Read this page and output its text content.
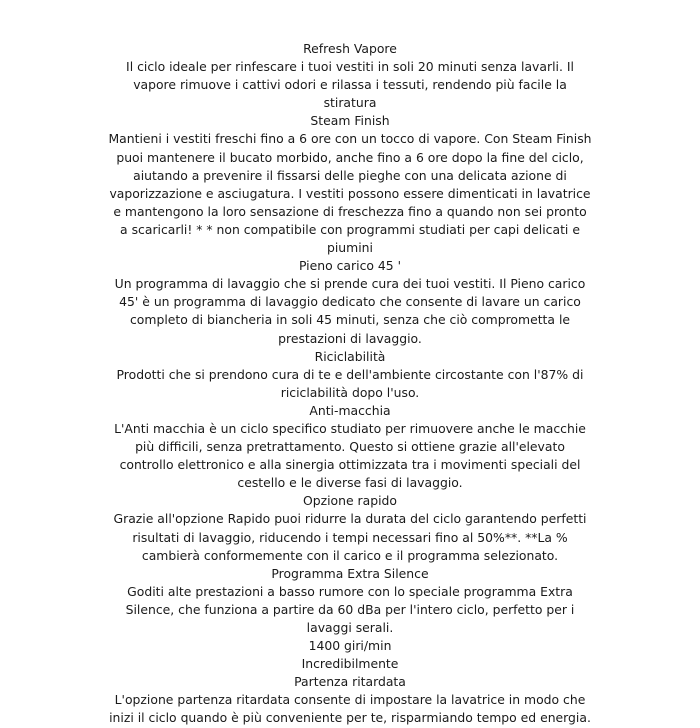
Refresh Vapore

Il ciclo ideale per rinfescare i tuoi vestiti in soli 20 minuti senza lavarli. Il vapore rimuove i cattivi odori e rilassa i tessuti, rendendo più facile la stiratura

Steam Finish

Mantieni i vestiti freschi fino a 6 ore con un tocco di vapore. Con Steam Finish puoi mantenere il bucato morbido, anche fino a 6 ore dopo la fine del ciclo, aiutando a prevenire il fissarsi delle pieghe con una delicata azione di vaporizzazione e asciugatura. I vestiti possono essere dimenticati in lavatrice e mantengono la loro sensazione di freschezza fino a quando non sei pronto a scaricarli! * * non compatibile con programmi studiati per capi delicati e piumini

Pieno carico 45 '

Un programma di lavaggio che si prende cura dei tuoi vestiti. Il Pieno carico 45' è un programma di lavaggio dedicato che consente di lavare un carico completo di biancheria in soli 45 minuti, senza che ciò comprometta le prestazioni di lavaggio.

Riciclabilità

Prodotti che si prendono cura di te e dell'ambiente circostante con l'87% di riciclabilità dopo l'uso.

Anti-macchia

L'Anti macchia è un ciclo specifico studiato per rimuovere anche le macchie più difficili, senza pretrattamento. Questo si ottiene grazie all'elevato controllo elettronico e alla sinergia ottimizzata tra i movimenti speciali del cestello e le diverse fasi di lavaggio.

Opzione rapido

Grazie all'opzione Rapido puoi ridurre la durata del ciclo garantendo perfetti risultati di lavaggio, riducendo i tempi necessari fino al 50%**. **La % cambierà conformemente con il carico e il programma selezionato.

Programma Extra Silence

Goditi alte prestazioni a basso rumore con lo speciale programma Extra Silence, che funziona a partire da 60 dBa per l'intero ciclo, perfetto per i lavaggi serali.

1400 giri/min

Incredibilmente

Partenza ritardata

L'opzione partenza ritardata consente di impostare la lavatrice in modo che inizi il ciclo quando è più conveniente per te, risparmiando tempo ed energia.
